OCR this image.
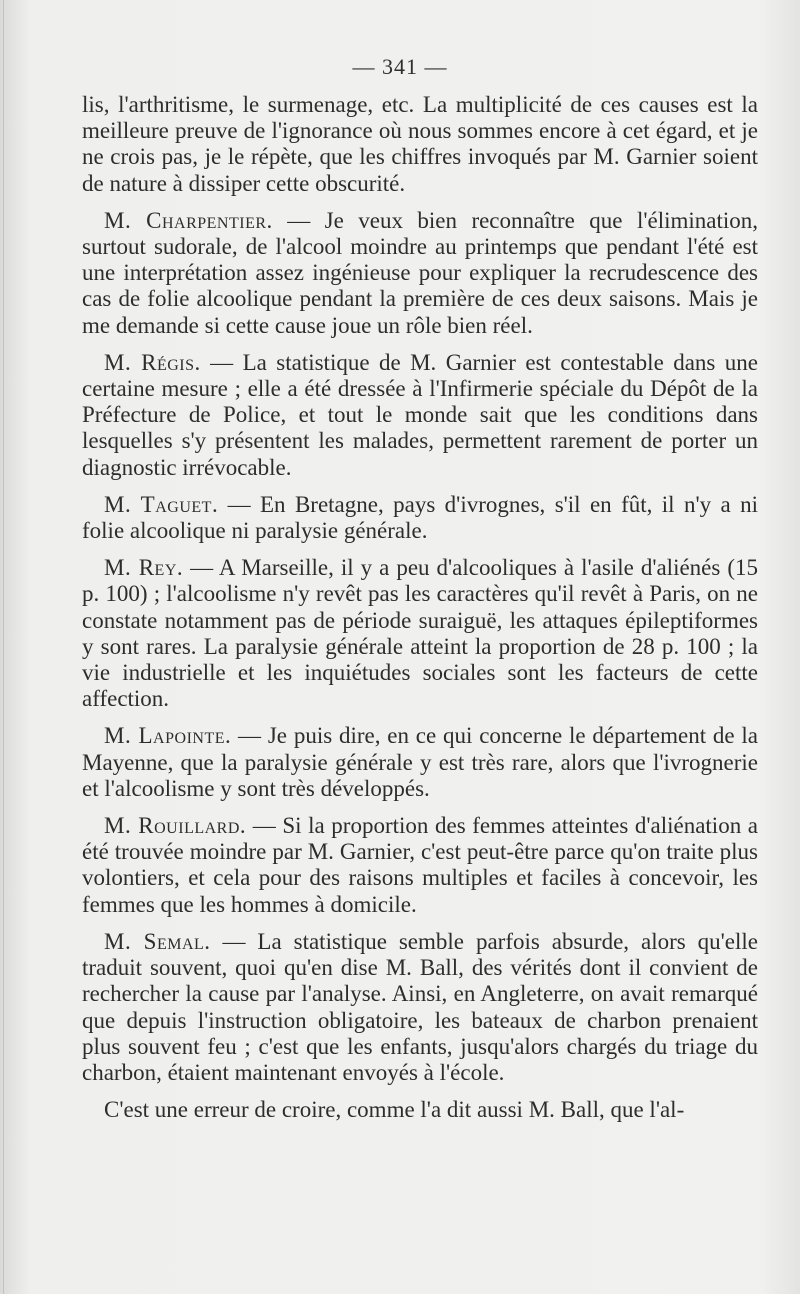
— 341 —

lis, l'arthritisme, le surmenage, etc. La multiplicité de ces causes est la meilleure preuve de l'ignorance où nous sommes encore à cet égard, et je ne crois pas, je le répète, que les chiffres invoqués par M. Garnier soient de nature à dissiper cette obscurité.

M. Charpentier. — Je veux bien reconnaître que l'élimination, surtout sudorale, de l'alcool moindre au printemps que pendant l'été est une interprétation assez ingénieuse pour expliquer la recrudescence des cas de folie alcoolique pendant la première de ces deux saisons. Mais je me demande si cette cause joue un rôle bien réel.

M. Régis. — La statistique de M. Garnier est contestable dans une certaine mesure ; elle a été dressée à l'Infirmerie spéciale du Dépôt de la Préfecture de Police, et tout le monde sait que les conditions dans lesquelles s'y présentent les malades, permettent rarement de porter un diagnostic irrévocable.

M. Taguet. — En Bretagne, pays d'ivrognes, s'il en fût, il n'y a ni folie alcoolique ni paralysie générale.

M. Rey. — A Marseille, il y a peu d'alcooliques à l'asile d'aliénés (15 p. 100) ; l'alcoolisme n'y revêt pas les caractères qu'il revêt à Paris, on ne constate notamment pas de période suraiguë, les attaques épileptiformes y sont rares. La paralysie générale atteint la proportion de 28 p. 100 ; la vie industrielle et les inquiétudes sociales sont les facteurs de cette affection.

M. Lapointe. — Je puis dire, en ce qui concerne le département de la Mayenne, que la paralysie générale y est très rare, alors que l'ivrognerie et l'alcoolisme y sont très développés.

M. Rouillard. — Si la proportion des femmes atteintes d'aliénation a été trouvée moindre par M. Garnier, c'est peut-être parce qu'on traite plus volontiers, et cela pour des raisons multiples et faciles à concevoir, les femmes que les hommes à domicile.

M. Semal. — La statistique semble parfois absurde, alors qu'elle traduit souvent, quoi qu'en dise M. Ball, des vérités dont il convient de rechercher la cause par l'analyse. Ainsi, en Angleterre, on avait remarqué que depuis l'instruction obligatoire, les bateaux de charbon prenaient plus souvent feu ; c'est que les enfants, jusqu'alors chargés du triage du charbon, étaient maintenant envoyés à l'école.

C'est une erreur de croire, comme l'a dit aussi M. Ball, que l'al-
